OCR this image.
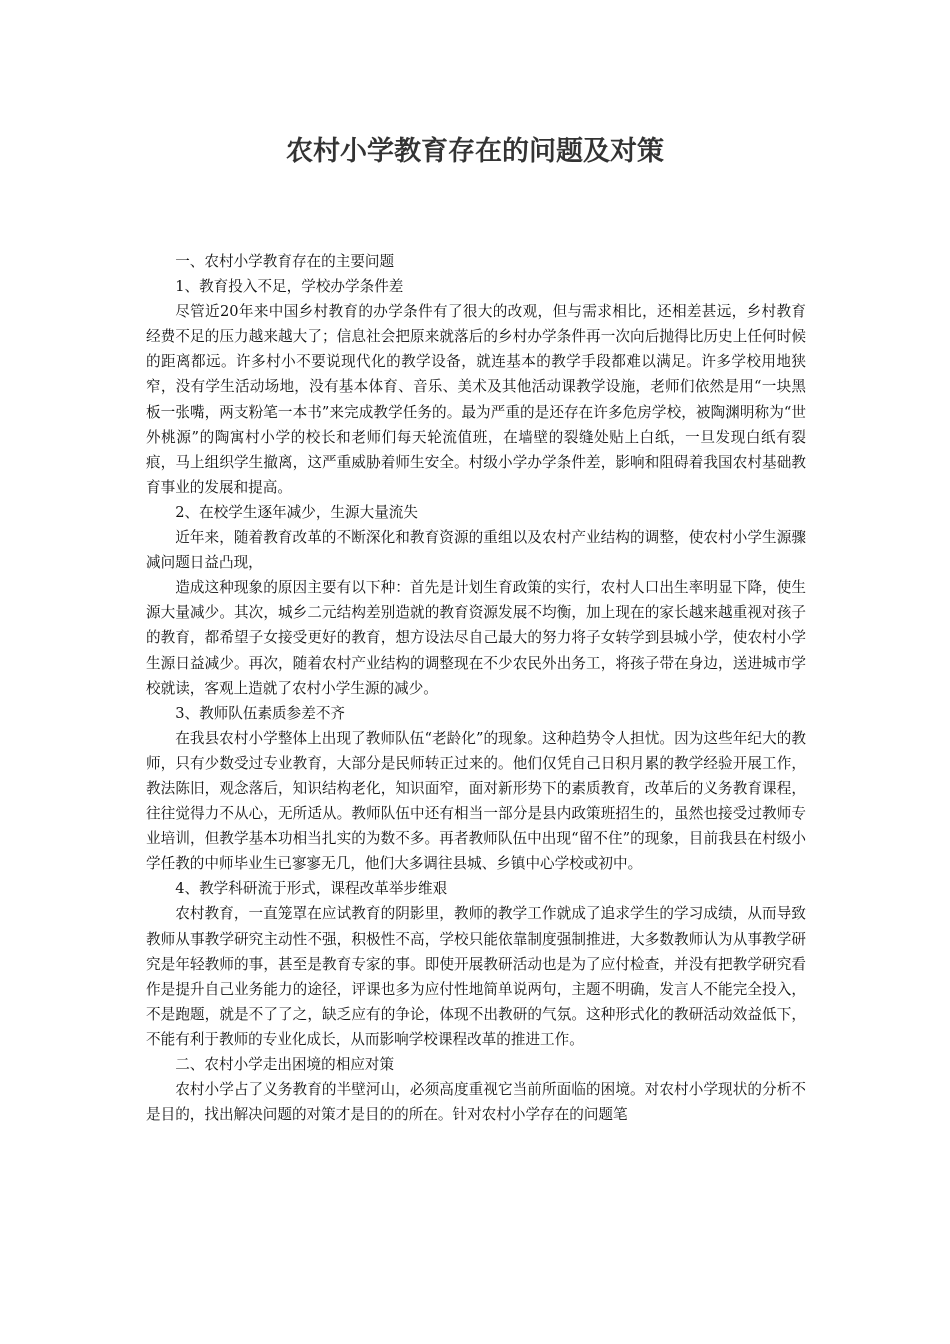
农村小学教育存在的问题及对策

一、农村小学教育存在的主要问题

1、教育投入不足，学校办学条件差

尽管近20年来中国乡村教育的办学条件有了很大的改观，但与需求相比，还相差甚远，乡村教育经费不足的压力越来越大了；信息社会把原来就落后的乡村办学条件再一次向后抛得比历史上任何时候的距离都远。许多村小不要说现代化的教学设备，就连基本的教学手段都难以满足。许多学校用地狭窄，没有学生活动场地，没有基本体育、音乐、美术及其他活动课教学设施，老师们依然是用“一块黑板一张嘴，两支粉笔一本书”来完成教学任务的。最为严重的是还存在许多危房学校，被陶渊明称为“世外桃源”的陶寓村小学的校长和老师们每天轮流值班，在墙壁的裂缝处贴上白纸，一旦发现白纸有裂痕，马上组织学生撤离，这严重威胁着师生安全。村级小学办学条件差，影响和阻碍着我国农村基础教育事业的发展和提高。

2、在校学生逐年减少，生源大量流失

近年来，随着教育改革的不断深化和教育资源的重组以及农村产业结构的调整，使农村小学生源骤减问题日益凸现，

造成这种现象的原因主要有以下种：首先是计划生育政策的实行，农村人口出生率明显下降，使生源大量减少。其次，城乡二元结构差别造就的教育资源发展不均衡，加上现在的家长越来越重视对孩子的教育，都希望子女接受更好的教育，想方设法尽自己最大的努力将子女转学到县城小学，使农村小学生源日益减少。再次，随着农村产业结构的调整现在不少农民外出务工，将孩子带在身边，送进城市学校就读，客观上造就了农村小学生源的减少。

3、教师队伍素质参差不齐

在我县农村小学整体上出现了教师队伍“老龄化”的现象。这种趋势令人担忧。因为这些年纪大的教师，只有少数受过专业教育，大部分是民师转正过来的。他们仅凭自己日积月累的教学经验开展工作，教法陈旧，观念落后，知识结构老化，知识面窄，面对新形势下的素质教育，改革后的义务教育课程，往往觉得力不从心，无所适从。教师队伍中还有相当一部分是县内政策班招生的，虽然也接受过教师专业培训，但教学基本功相当扎实的为数不多。再者教师队伍中出现“留不住”的现象，目前我县在村级小学任教的中师毕业生已寥寥无几，他们大多调往县城、乡镇中心学校或初中。

4、教学科研流于形式，课程改革举步维艰

农村教育，一直笼罩在应试教育的阴影里，教师的教学工作就成了追求学生的学习成绩，从而导致教师从事教学研究主动性不强，积极性不高，学校只能依靠制度强制推进，大多数教师认为从事教学研究是年轻教师的事，甚至是教育专家的事。即使开展教研活动也是为了应付检查，并没有把教学研究看作是提升自己业务能力的途径，评课也多为应付性地简单说两句，主题不明确，发言人不能完全投入，不是跑题，就是不了了之，缺乏应有的争论，体现不出教研的气氛。这种形式化的教研活动效益低下，不能有利于教师的专业化成长，从而影响学校课程改革的推进工作。

二、农村小学走出困境的相应对策

农村小学占了义务教育的半壁河山，必须高度重视它当前所面临的困境。对农村小学现状的分析不是目的，找出解决问题的对策才是目的的所在。针对农村小学存在的问题笔
